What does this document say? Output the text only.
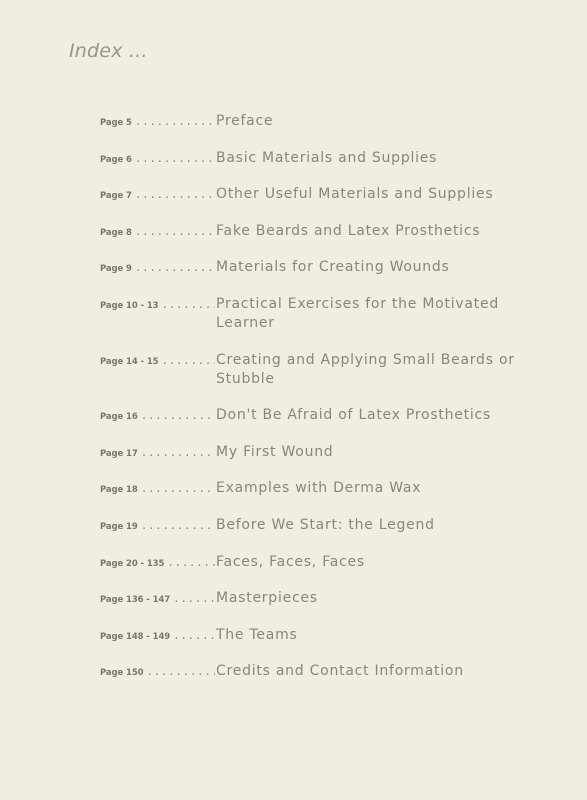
Index ...
Page 5 .....	Preface
Page 6 .....	Basic Materials and Supplies
Page 7 .....	Other Useful Materials and Supplies
Page 8 .....	Fake Beards and Latex Prosthetics
Page 9 .....	Materials for Creating Wounds
Page 10 - 13 .....	Practical Exercises for the Motivated Learner
Page 14 - 15 .....	Creating and Applying Small Beards or Stubble
Page 16 .....	Don't Be Afraid of Latex Prosthetics
Page 17 .....	My First Wound
Page 18 .....	Examples with Derma Wax
Page 19 .....	Before We Start: the Legend
Page 20 - 135 .....	Faces, Faces, Faces
Page 136 - 147 .....	Masterpieces
Page 148 - 149 .....	The Teams
Page 150 .....	Credits and Contact Information
